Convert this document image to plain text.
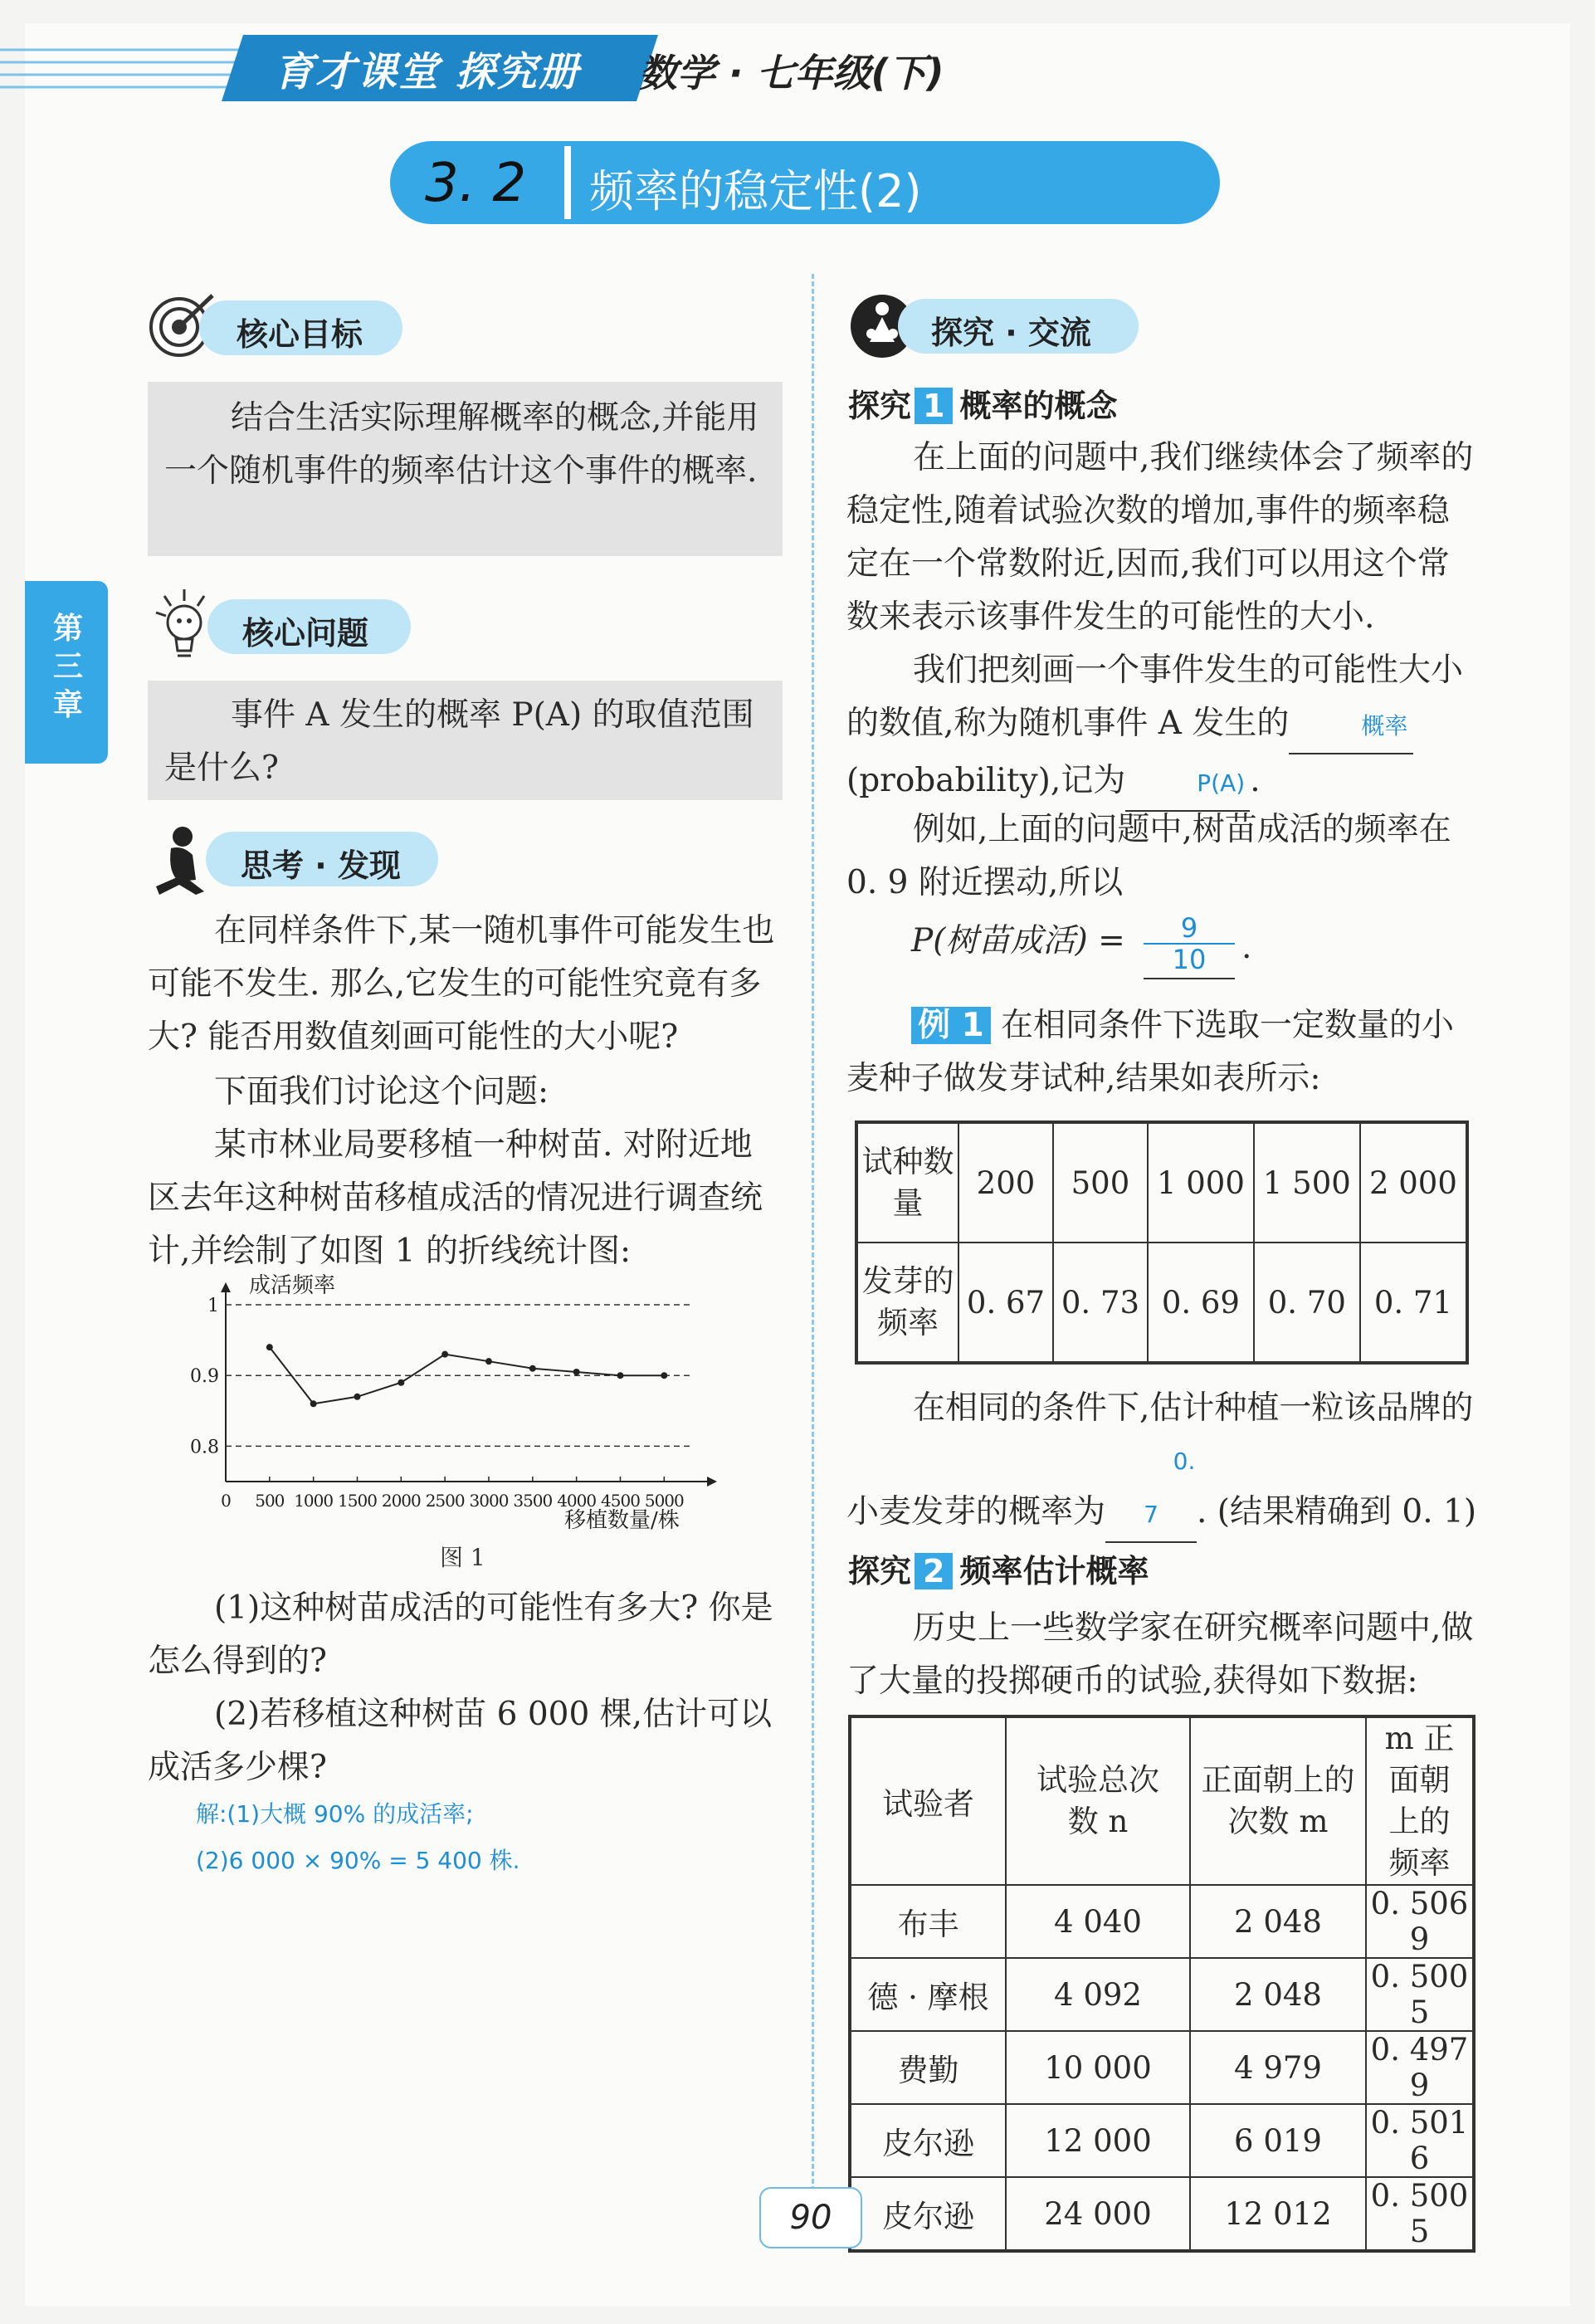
育才课堂 探究册 数学 · 七年级(下)
3. 2 频率的稳定性(2)
第三章
核心目标
结合生活实际理解概率的概念,并能用一个随机事件的频率估计这个事件的概率.
核心问题
事件 A 发生的概率 P(A) 的取值范围是什么?
思考 · 发现
在同样条件下,某一随机事件可能发生也可能不发生. 那么,它发生的可能性究竟有多大? 能否用数值刻画可能性的大小呢?
下面我们讨论这个问题:
某市林业局要移植一种树苗. 对附近地区去年这种树苗移植成活的情况进行调查统计,并绘制了如图 1 的折线统计图:
0.8
0.9
1
0 500 1000 1500 2000 2500 3000 3500 4000 4500 5000
成活频率
移植数量/株
图 1
(1)这种树苗成活的可能性有多大? 你是怎么得到的?
(2)若移植这种树苗 6 000 棵,估计可以成活多少棵?
解:(1)大概 90% 的成活率;
(2)6 000 × 90% = 5 400 株.
探究 · 交流
探究 1 概率的概念
在上面的问题中,我们继续体会了频率的稳定性,随着试验次数的增加,事件的频率稳定在一个常数附近,因而,我们可以用这个常数来表示该事件发生的可能性的大小.
我们把刻画一个事件发生的可能性大小的数值,称为随机事件 A 发生的	概率(probability),记为	P(A) .
例如,上面的问题中,树苗成活的频率在 0. 9 附近摆动,所以
P(树苗成活) = $\frac{9}{10}$ .
例 1 在相同条件下选取一定数量的小麦种子做发芽试种,结果如表所示:
试种数量	200	500	1 000	1 500	2 000
发芽的频率	0. 67	0. 73	0. 69	0. 70	0. 71
在相同的条件下,估计种植一粒该品牌的小麦发芽的概率为0. 7 . (结果精确到 0. 1)
探究 2 频率估计概率
历史上一些数学家在研究概率问题中,做了大量的投掷硬币的试验,获得如下数据:
试验者	试验总次数 n	正面朝上的次数 m	m 正面朝上的频率
布丰	4 040	2 048	0. 506 9
德 · 摩根	4 092	2 048	0. 500 5
费勤	10 000	4 979	0. 497 9
皮尔逊	12 000	6 019	0. 501 6
皮尔逊	24 000	12 012	0. 500 5
90
